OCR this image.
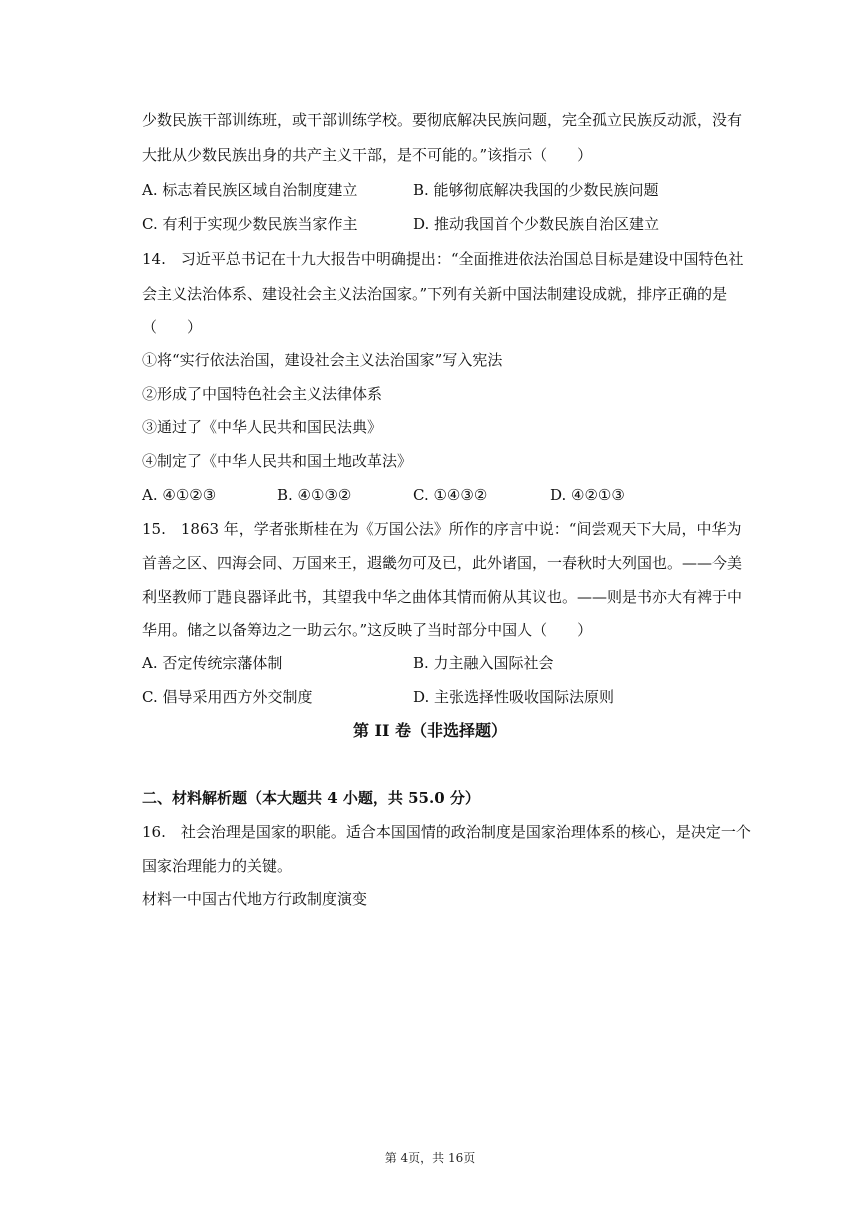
少数民族干部训练班，或干部训练学校。要彻底解决民族问题，完全孤立民族反动派，没有
大批从少数民族出身的共产主义干部，是不可能的。”该指示（　　）
A. 标志着民族区域自治制度建立	B. 能够彻底解决我国的少数民族问题
C. 有利于实现少数民族当家作主	D. 推动我国首个少数民族自治区建立
14.　习近平总书记在十九大报告中明确提出：“全面推进依法治国总目标是建设中国特色社
会主义法治体系、建设社会主义法治国家。”下列有关新中国法制建设成就，排序正确的是
（　　）
①将“实行依法治国，建设社会主义法治国家”写入宪法
②形成了中国特色社会主义法律体系
③通过了《中华人民共和国民法典》
④制定了《中华人民共和国土地改革法》
A. ④①②③	B. ④①③②	C. ①④③②	D. ④②①③
15.　1863 年，学者张斯桂在为《万国公法》所作的序言中说：“间尝观天下大局，中华为
首善之区、四海会同、万国来王，遐畿勿可及已，此外诸国，一春秋时大列国也。——今美
利坚教师丁韪良器译此书，其望我中华之曲体其情而俯从其议也。——则是书亦大有裨于中
华用。储之以备筹边之一助云尔。”这反映了当时部分中国人（　　）
A. 否定传统宗藩体制	B. 力主融入国际社会
C. 倡导采用西方外交制度	D. 主张选择性吸收国际法原则
第 II 卷（非选择题）
二、材料解析题（本大题共 4 小题，共 55.0 分）
16.　社会治理是国家的职能。适合本国国情的政治制度是国家治理体系的核心，是决定一个
国家治理能力的关键。
材料一中国古代地方行政制度演变
第 4页，共 16页
